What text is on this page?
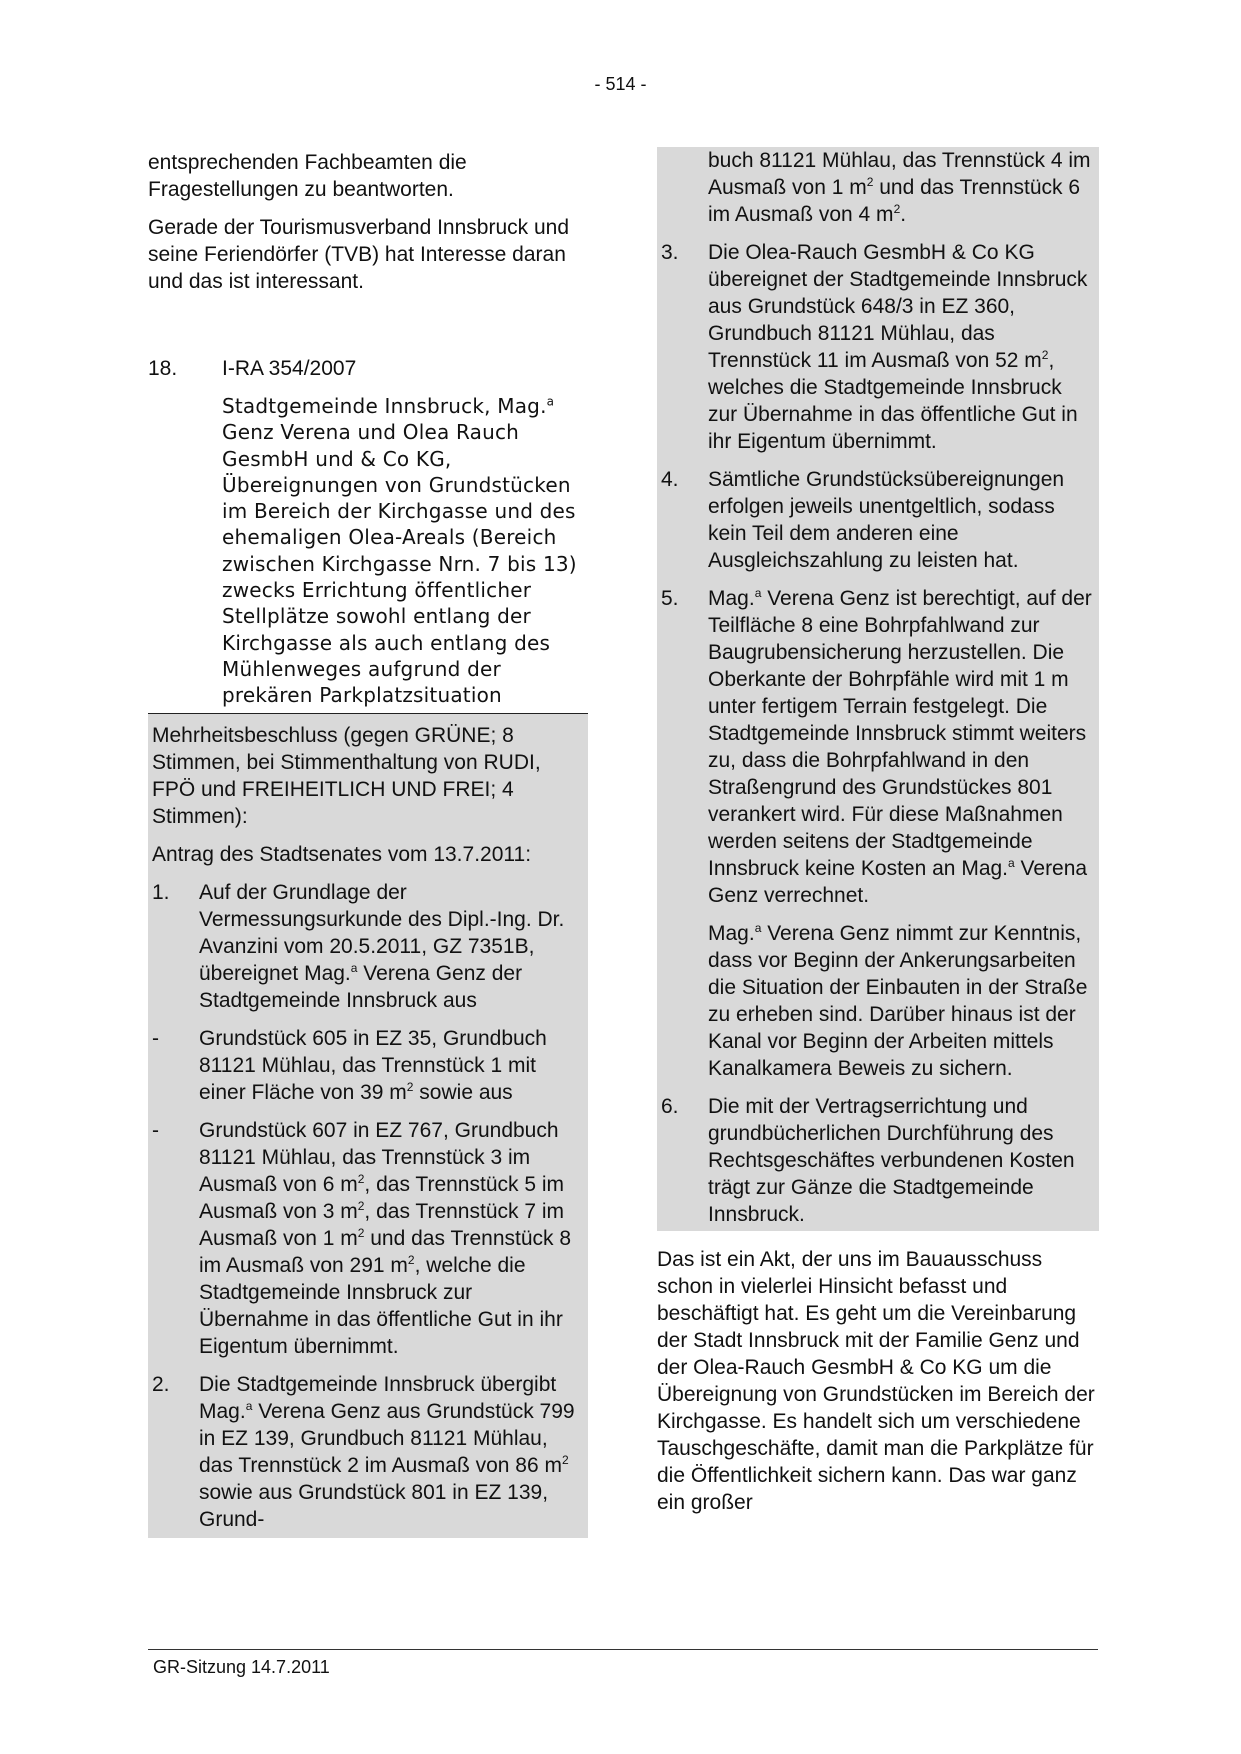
- 514 -

entsprechenden Fachbeamten die Fragestellungen zu beantworten.

Gerade der Tourismusverband Innsbruck und seine Feriendörfer (TVB) hat Interesse daran und das ist interessant.

18.	I-RA 354/2007
Stadtgemeinde Innsbruck, Mag.$^a$ Genz Verena und Olea Rauch GesmbH und & Co KG, Übereignungen von Grundstücken im Bereich der Kirchgasse und des ehemaligen Olea-Areals (Bereich zwischen Kirchgasse Nrn. 7 bis 13) zwecks Errichtung öffentlicher Stellplätze sowohl entlang der Kirchgasse als auch entlang des Mühlenweges aufgrund der prekären Parkplatzsituation

Mehrheitsbeschluss (gegen GRÜNE; 8 Stimmen, bei Stimmenthaltung von RUDI, FPÖ und FREIHEITLICH UND FREI; 4 Stimmen):

Antrag des Stadtsenates vom 13.7.2011:

1.	Auf der Grundlage der Vermessungsurkunde des Dipl.-Ing. Dr. Avanzini vom 20.5.2011, GZ 7351B, übereignet Mag.$^a$ Verena Genz der Stadtgemeinde Innsbruck aus
-	Grundstück 605 in EZ 35, Grundbuch 81121 Mühlau, das Trennstück 1 mit einer Fläche von 39 $m^2$ sowie aus
-	Grundstück 607 in EZ 767, Grundbuch 81121 Mühlau, das Trennstück 3 im Ausmaß von 6 $m^2$, das Trennstück 5 im Ausmaß von 3 $m^2$, das Trennstück 7 im Ausmaß von 1 $m^2$ und das Trennstück 8 im Ausmaß von 291 $m^2$, welche die Stadtgemeinde Innsbruck zur Übernahme in das öffentliche Gut in ihr Eigentum übernimmt.
2.	Die Stadtgemeinde Innsbruck übergibt Mag.$^a$ Verena Genz aus Grundstück 799 in EZ 139, Grundbuch 81121 Mühlau, das Trennstück 2 im Ausmaß von 86 $m^2$ sowie aus Grundstück 801 in EZ 139, Grund-
buch 81121 Mühlau, das Trennstück 4 im Ausmaß von 1 $m^2$ und das Trennstück 6 im Ausmaß von 4 $m^2$.
3.	Die Olea-Rauch GesmbH & Co KG übereignet der Stadtgemeinde Innsbruck aus Grundstück 648/3 in EZ 360, Grundbuch 81121 Mühlau, das Trennstück 11 im Ausmaß von 52 $m^2$, welches die Stadtgemeinde Innsbruck zur Übernahme in das öffentliche Gut in ihr Eigentum übernimmt.
4.	Sämtliche Grundstücksübereignungen erfolgen jeweils unentgeltlich, sodass kein Teil dem anderen eine Ausgleichszahlung zu leisten hat.
5.	Mag.$^a$ Verena Genz ist berechtigt, auf der Teilfläche 8 eine Bohrpfahlwand zur Baugrubensicherung herzustellen. Die Oberkante der Bohrpfähle wird mit 1 m unter fertigem Terrain festgelegt. Die Stadtgemeinde Innsbruck stimmt weiters zu, dass die Bohrpfahlwand in den Straßengrund des Grundstückes 801 verankert wird. Für diese Maßnahmen werden seitens der Stadtgemeinde Innsbruck keine Kosten an Mag.$^a$ Verena Genz verrechnet.
Mag.$^a$ Verena Genz nimmt zur Kenntnis, dass vor Beginn der Ankerungsarbeiten die Situation der Einbauten in der Straße zu erheben sind. Darüber hinaus ist der Kanal vor Beginn der Arbeiten mittels Kanalkamera Beweis zu sichern.
6.	Die mit der Vertragserrichtung und grundbücherlichen Durchführung des Rechtsgeschäftes verbundenen Kosten trägt zur Gänze die Stadtgemeinde Innsbruck.

Das ist ein Akt, der uns im Bauausschuss schon in vielerlei Hinsicht befasst und beschäftigt hat. Es geht um die Vereinbarung der Stadt Innsbruck mit der Familie Genz und der Olea-Rauch GesmbH & Co KG um die Übereignung von Grundstücken im Bereich der Kirchgasse. Es handelt sich um verschiedene Tauschgeschäfte, damit man die Parkplätze für die Öffentlichkeit sichern kann. Das war ganz ein großer

GR-Sitzung 14.7.2011
